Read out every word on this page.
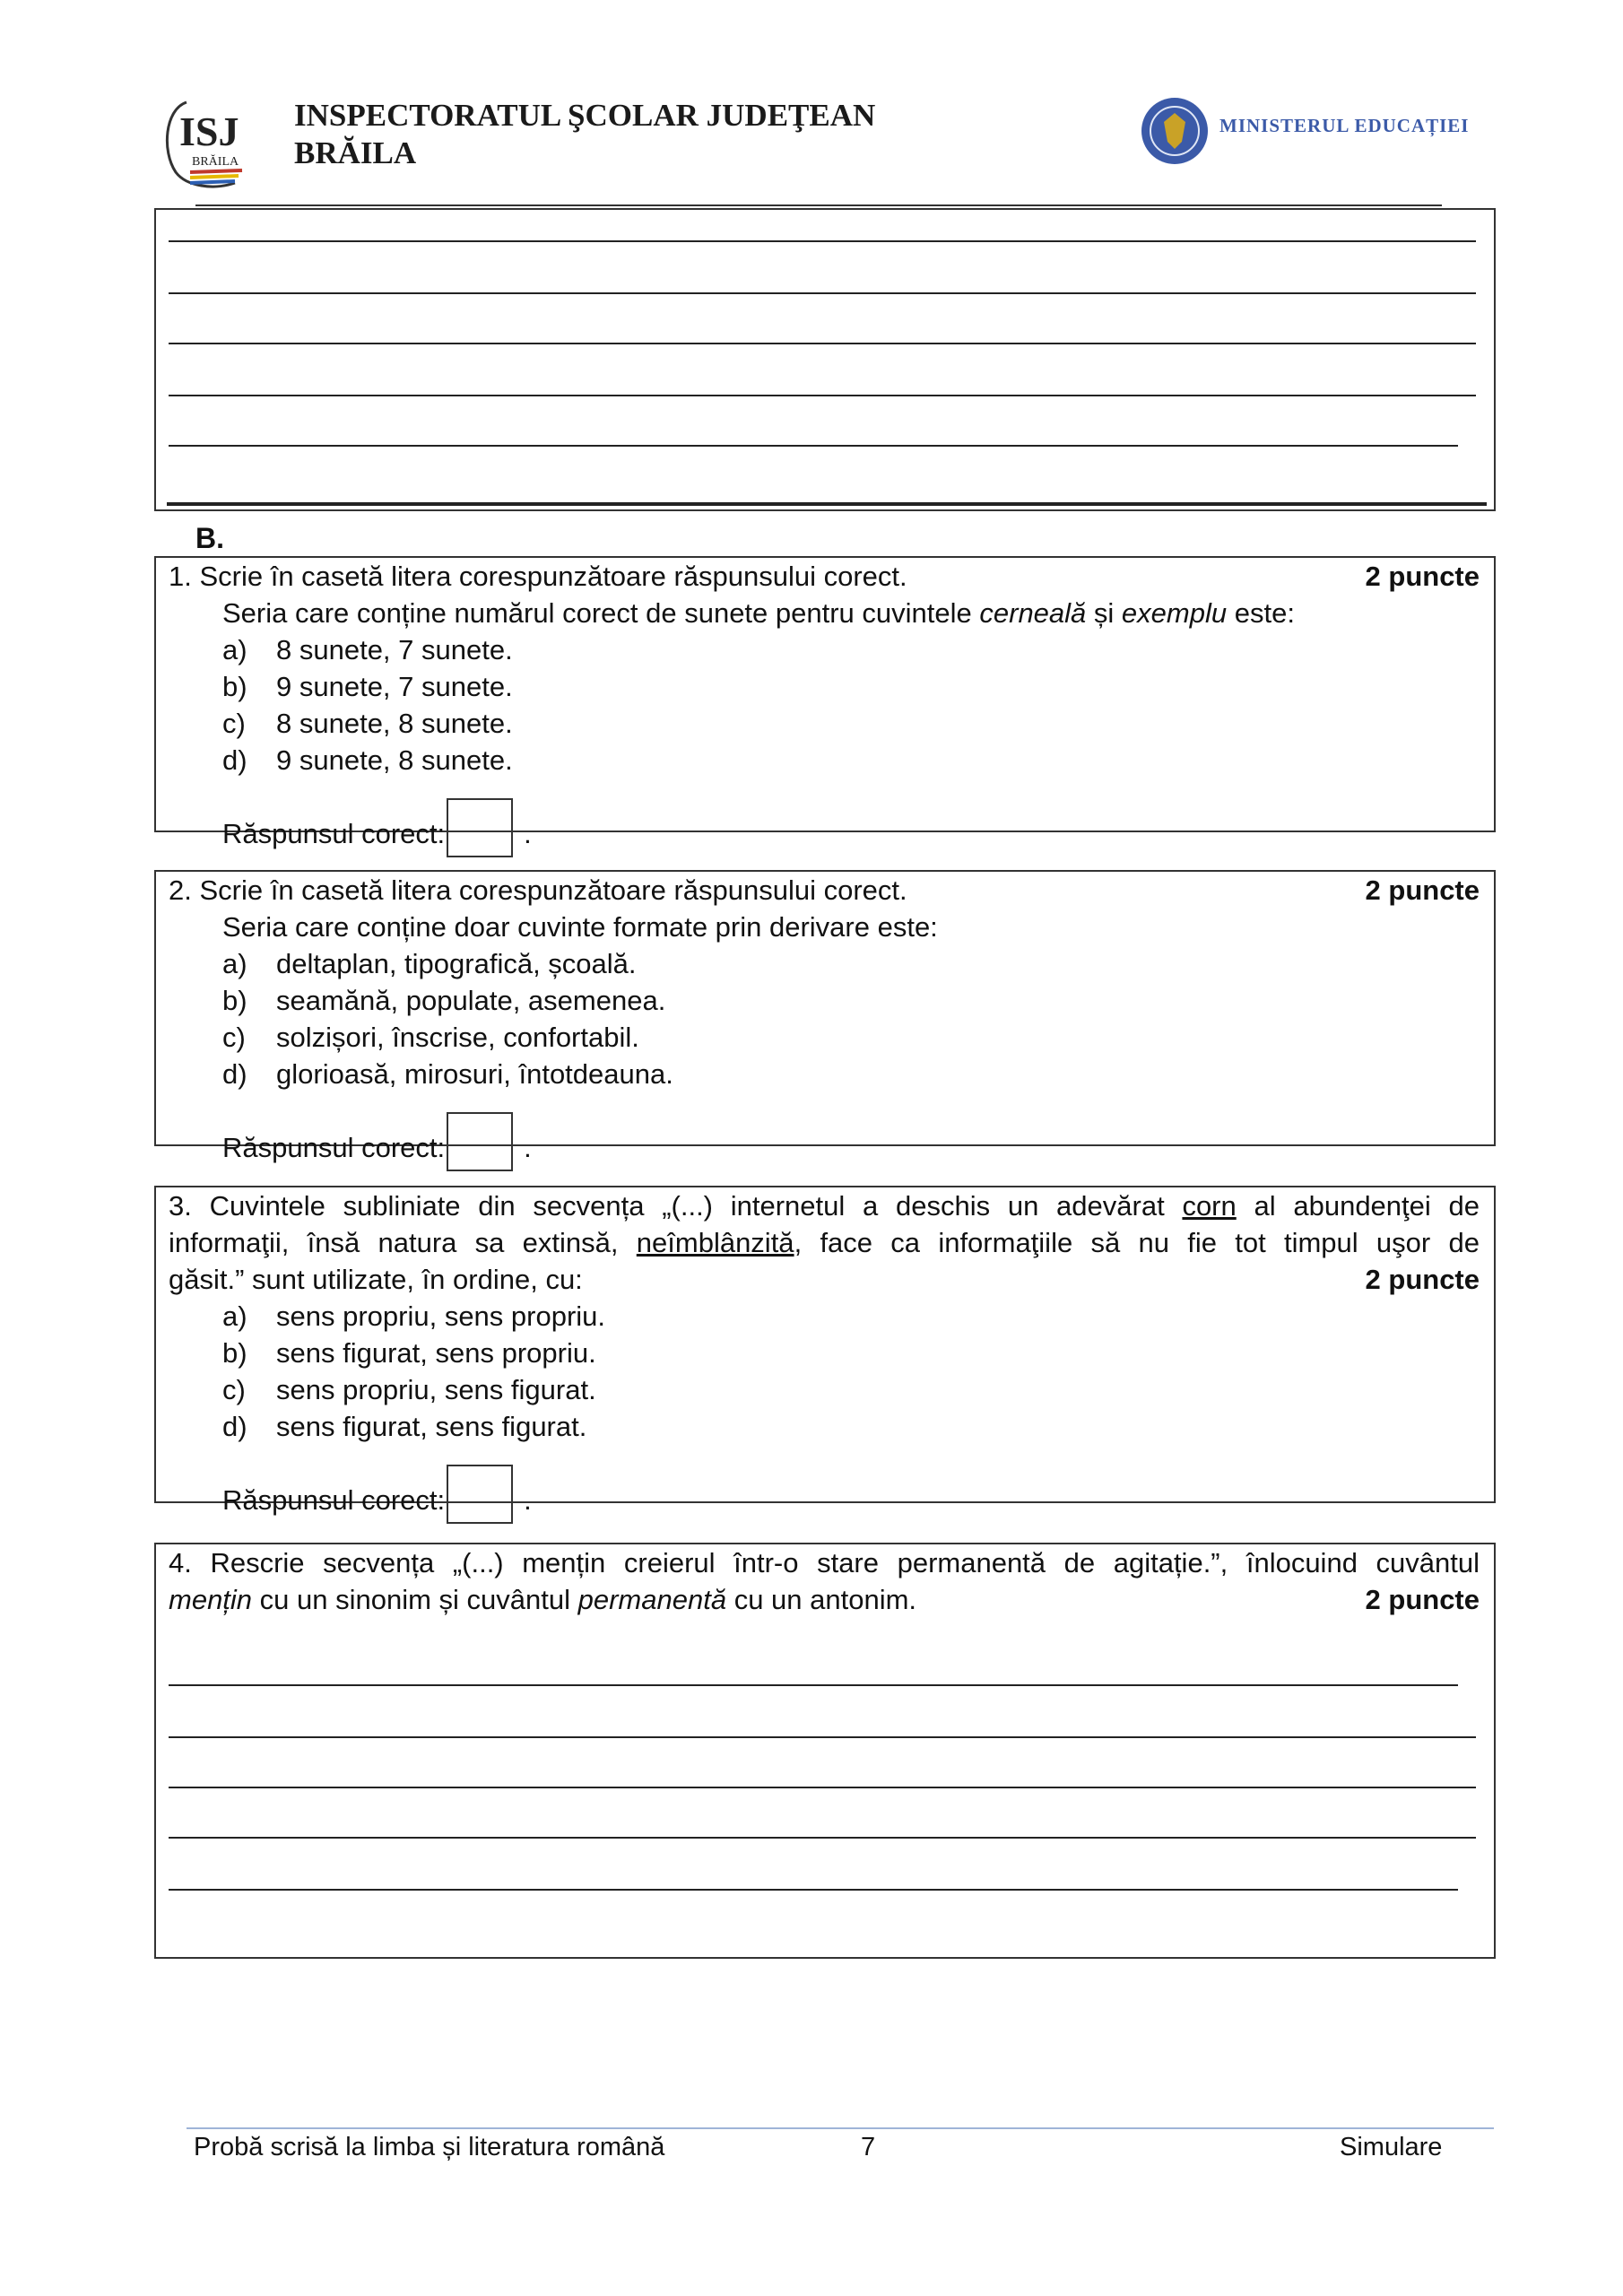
ISJ
BRĂILA
INSPECTORATUL ŞCOLAR JUDEŢEAN
BRĂILA
MINISTERUL EDUCAȚIEI
B.
1. Scrie în casetă litera corespunzătoare răspunsului corect.	2 puncte
Seria care conține numărul corect de sunete pentru cuvintele cerneală și exemplu este:
a) 8 sunete, 7 sunete.
b) 9 sunete, 7 sunete.
c) 8 sunete, 8 sunete.
d) 9 sunete, 8 sunete.
Răspunsul corect:	.
2. Scrie în casetă litera corespunzătoare răspunsului corect.	2 puncte
Seria care conține doar cuvinte formate prin derivare este:
a) deltaplan, tipografică, școală.
b) seamănă, populate, asemenea.
c) solzișori, înscrise, confortabil.
d) glorioasă, mirosuri, întotdeauna.
Răspunsul corect:	.
3. Cuvintele subliniate din secvența „(...) internetul a deschis un adevărat corn al abundenţei de
informaţii, însă natura sa extinsă, neîmblânzită, face ca informaţiile să nu fie tot timpul uşor de
găsit.” sunt utilizate, în ordine, cu:	2 puncte
a) sens propriu, sens propriu.
b) sens figurat, sens propriu.
c) sens propriu, sens figurat.
d) sens figurat, sens figurat.
Răspunsul corect:	.
4. Rescrie secvența „(...) mențin creierul într-o stare permanentă de agitație.”, înlocuind cuvântul
mențin cu un sinonim și cuvântul permanentă cu un antonim.	2 puncte
Probă scrisă la limba și literatura română	7	Simulare
